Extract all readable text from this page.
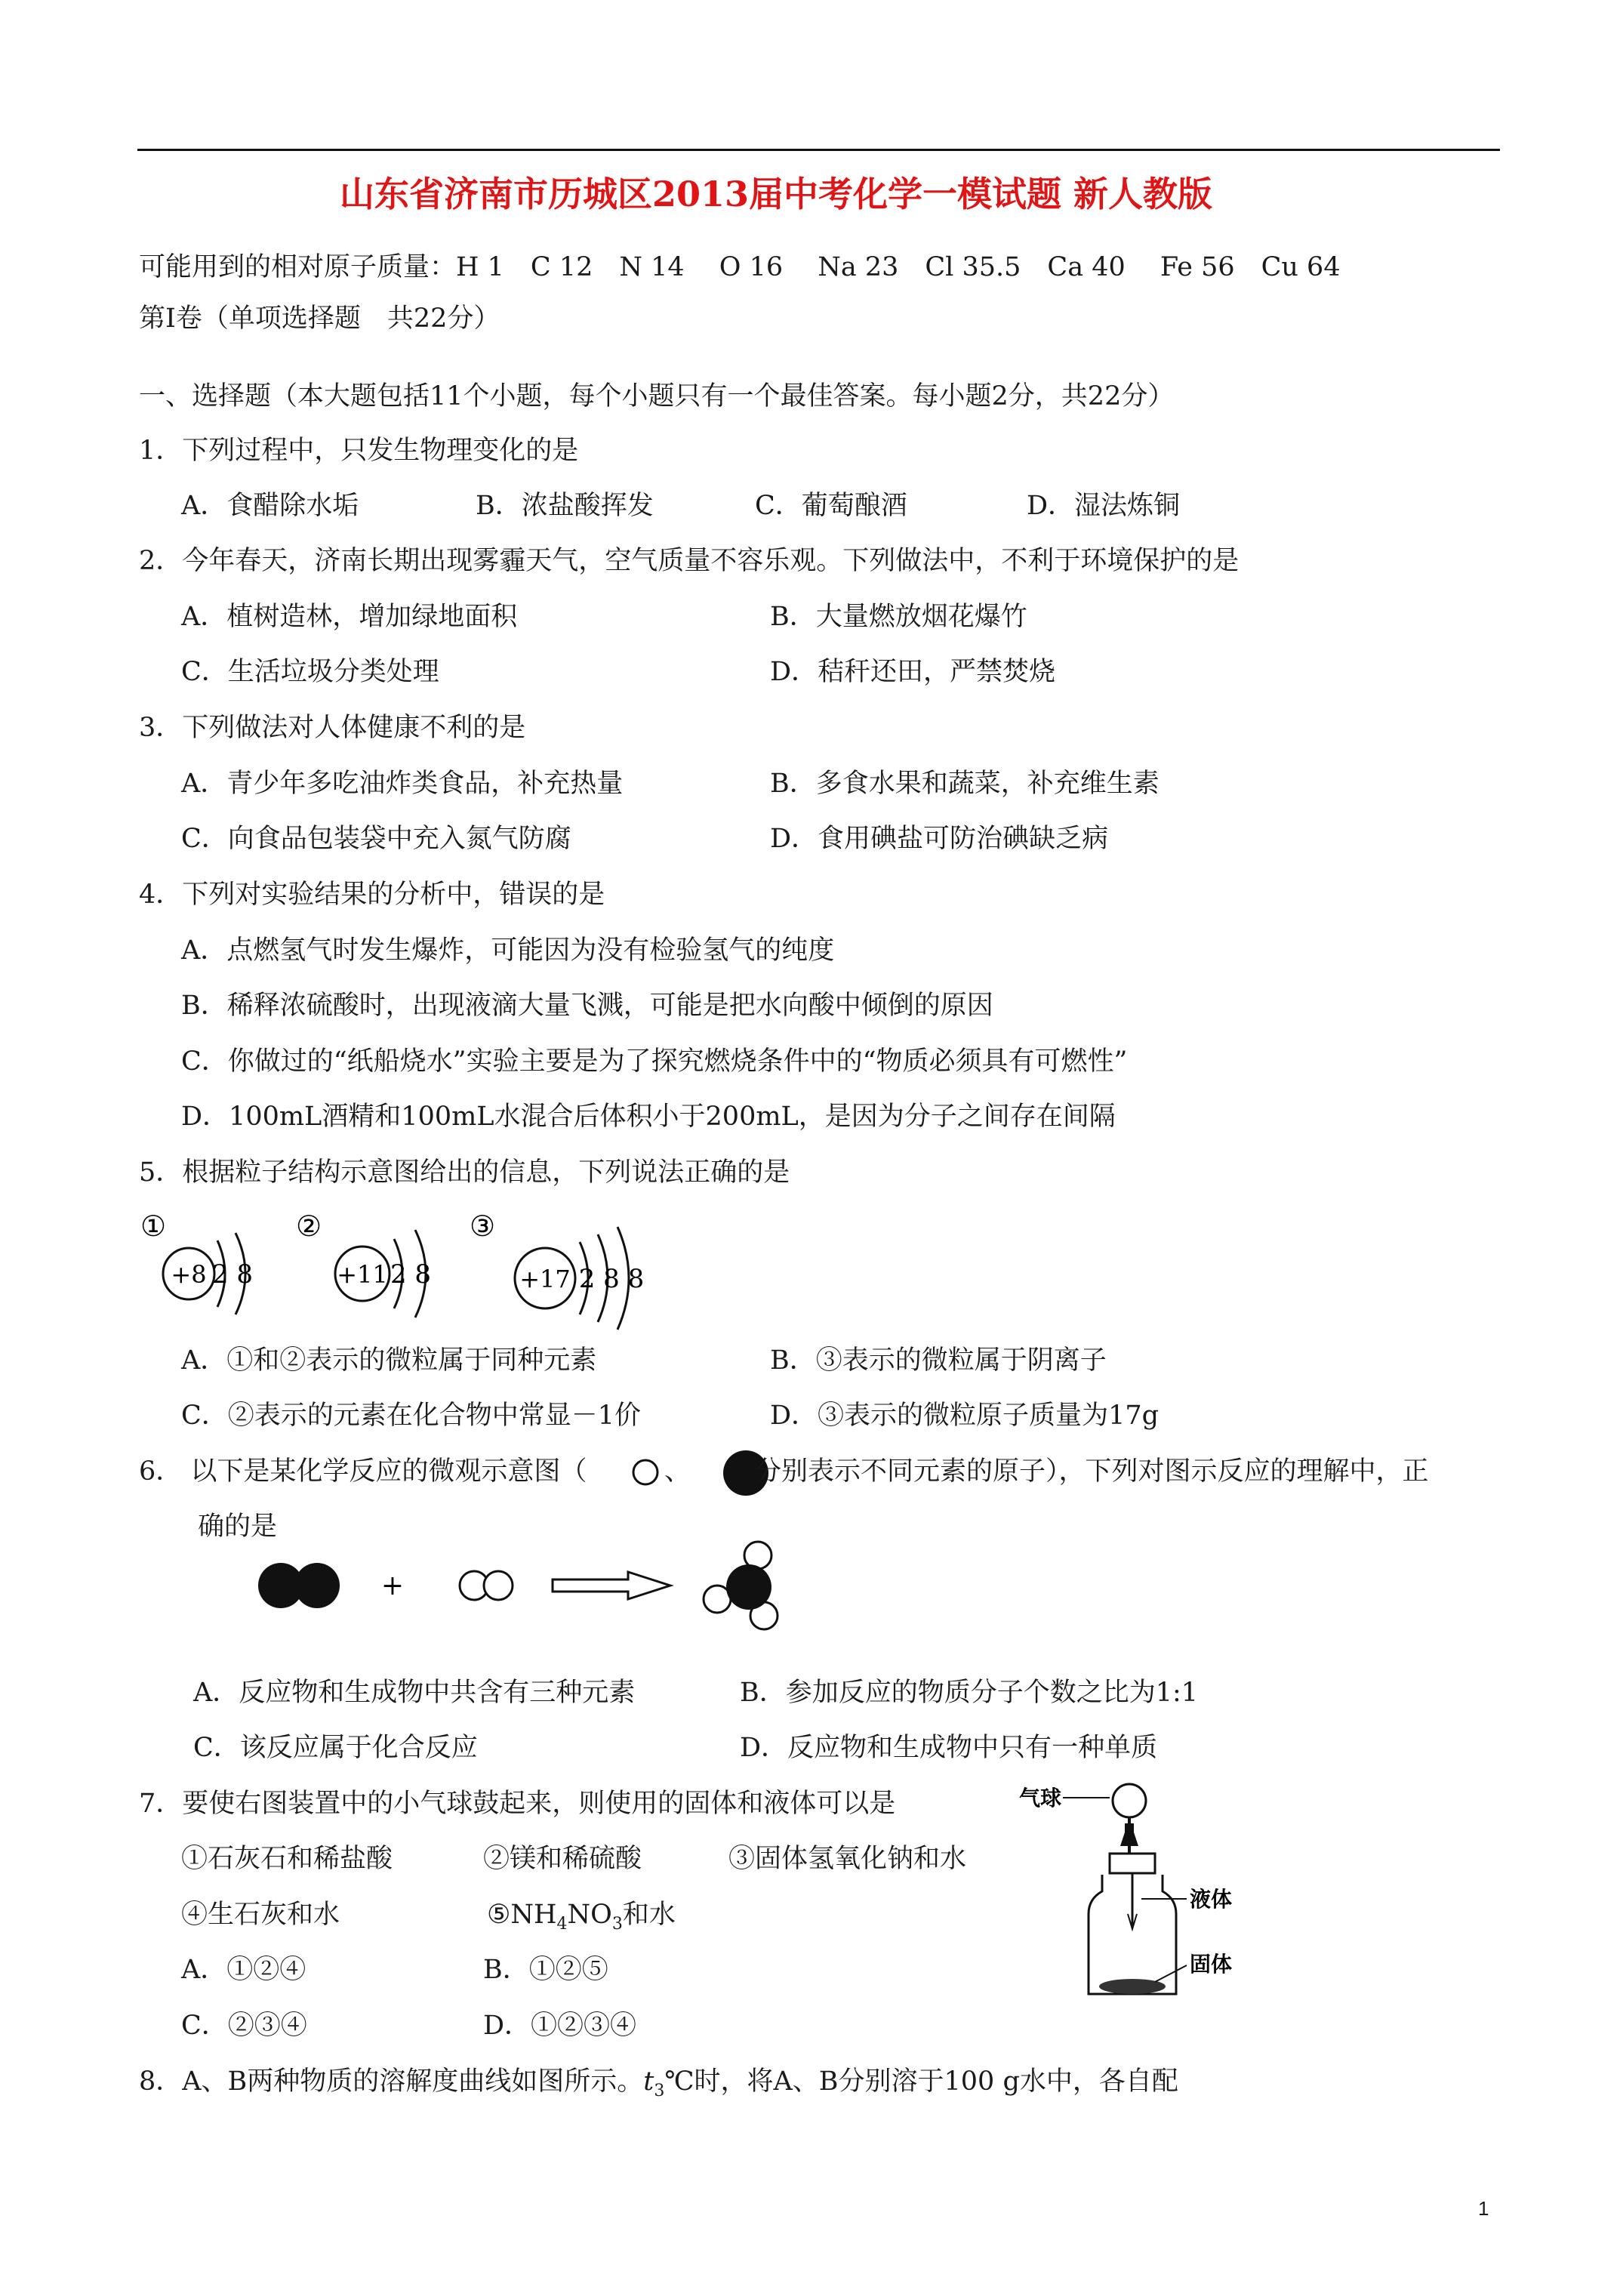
山东省济南市历城区2013届中考化学一模试题 新人教版
可能用到的相对原子质量：H 1　C 12　N 14　 O 16　 Na 23　Cl 35.5　Ca 40　 Fe 56　Cu 64
第Ⅰ卷（单项选择题　共22分）
一、选择题（本大题包括11个小题，每个小题只有一个最佳答案。每小题2分，共22分）
1．下列过程中，只发生物理变化的是
A．食醋除水垢	B．浓盐酸挥发	C．葡萄酿酒	D．湿法炼铜
2．今年春天，济南长期出现雾霾天气，空气质量不容乐观。下列做法中，不利于环境保护的是
A．植树造林，增加绿地面积	B．大量燃放烟花爆竹
C．生活垃圾分类处理	D．秸秆还田，严禁焚烧
3．下列做法对人体健康不利的是
A．青少年多吃油炸类食品，补充热量	B．多食水果和蔬菜，补充维生素
C．向食品包装袋中充入氮气防腐	D．食用碘盐可防治碘缺乏病
4．下列对实验结果的分析中，错误的是
A．点燃氢气时发生爆炸，可能因为没有检验氢气的纯度
B．稀释浓硫酸时，出现液滴大量飞溅，可能是把水向酸中倾倒的原因
C．你做过的“纸船烧水”实验主要是为了探究燃烧条件中的“物质必须具有可燃性”
D．100mL酒精和100mL水混合后体积小于200mL，是因为分子之间存在间隔
5．根据粒子结构示意图给出的信息，下列说法正确的是
①
+8 2 8
②
+11 2 8
③
+17 2 8 8
A．①和②表示的微粒属于同种元素	B．③表示的微粒属于阴离子
C．②表示的元素在化合物中常显－1价	D．③表示的微粒原子质量为17g
6． 以下是某化学反应的微观示意图（	、 分别表示不同元素的原子），下列对图示反应的理解中，正
确的是
+
A．反应物和生成物中共含有三种元素	B．参加反应的物质分子个数之比为1:1
C．该反应属于化合反应	D．反应物和生成物中只有一种单质
7．要使右图装置中的小气球鼓起来，则使用的固体和液体可以是
①石灰石和稀盐酸	②镁和稀硫酸	③固体氢氧化钠和水
④生石灰和水	$⑤NH_4NO_3$和水
A．①②④	B．①②⑤
C．②③④	D．①②③④
气球
液体
固体
8．A、B两种物质的溶解度曲线如图所示。$t_3℃$时，将A、B分别溶于100 g水中，各自配
1
